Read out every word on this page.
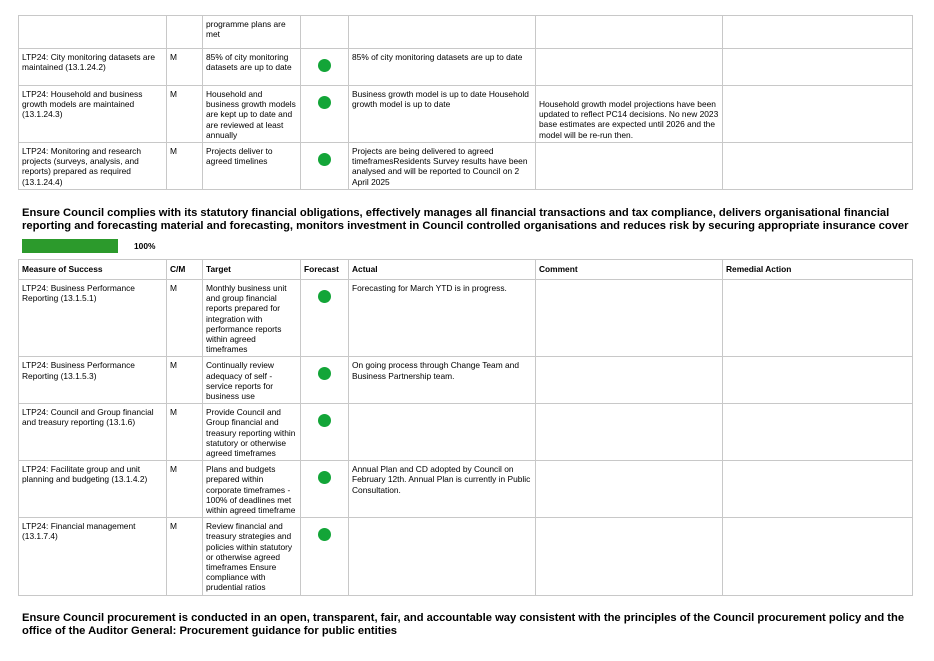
		programme plans are met				
LTP24: City monitoring datasets are maintained (13.1.24.2)	M	85% of city monitoring datasets are up to date		85% of city monitoring datasets are up to date		
LTP24: Household and business growth models are maintained (13.1.24.3)	M	Household and business growth models are kept up to date and are reviewed at least annually		Business growth model is up to date Household growth model is up to date	Household growth model projections have been updated to reflect PC14 decisions. No new 2023 base estimates are expected until 2026 and the model will be re-run then.	
LTP24: Monitoring and research projects (surveys, analysis, and reports) prepared as required (13.1.24.4)	M	Projects deliver to agreed timelines		Projects are being delivered to agreed timeframesResidents Survey results have been analysed and will be reported to Council on 2 April 2025		

Ensure Council complies with its statutory financial obligations, effectively manages all financial transactions and tax compliance, delivers organisational financial reporting and forecasting material and forecasting, monitors investment in Council controlled organisations and reduces risk by securing appropriate insurance cover

100%
Measure of Success	C/M	Target	Forecast	Actual	Comment	Remedial Action
LTP24: Business Performance Reporting (13.1.5.1)	M	Monthly business unit and group financial reports prepared for integration with performance reports within agreed timeframes		Forecasting for March YTD is in progress.		
LTP24: Business Performance Reporting (13.1.5.3)	M	Continually review adequacy of self - service reports for business use		On going process through Change Team and Business Partnership team.		
LTP24: Council and Group financial and treasury reporting (13.1.6)	M	Provide Council and Group financial and treasury reporting within statutory or otherwise agreed timeframes				
LTP24: Facilitate group and unit planning and budgeting (13.1.4.2)	M	Plans and budgets prepared within corporate timeframes - 100% of deadlines met within agreed timeframe		Annual Plan and CD adopted by Council on February 12th. Annual Plan is currently in Public Consultation.		
LTP24: Financial management (13.1.7.4)	M	Review financial and treasury strategies and policies within statutory or otherwise agreed timeframes Ensure compliance with prudential ratios				

Ensure Council procurement is conducted in an open, transparent, fair, and accountable way consistent with the principles of the Council procurement policy and the office of the Auditor General: Procurement guidance for public entities
